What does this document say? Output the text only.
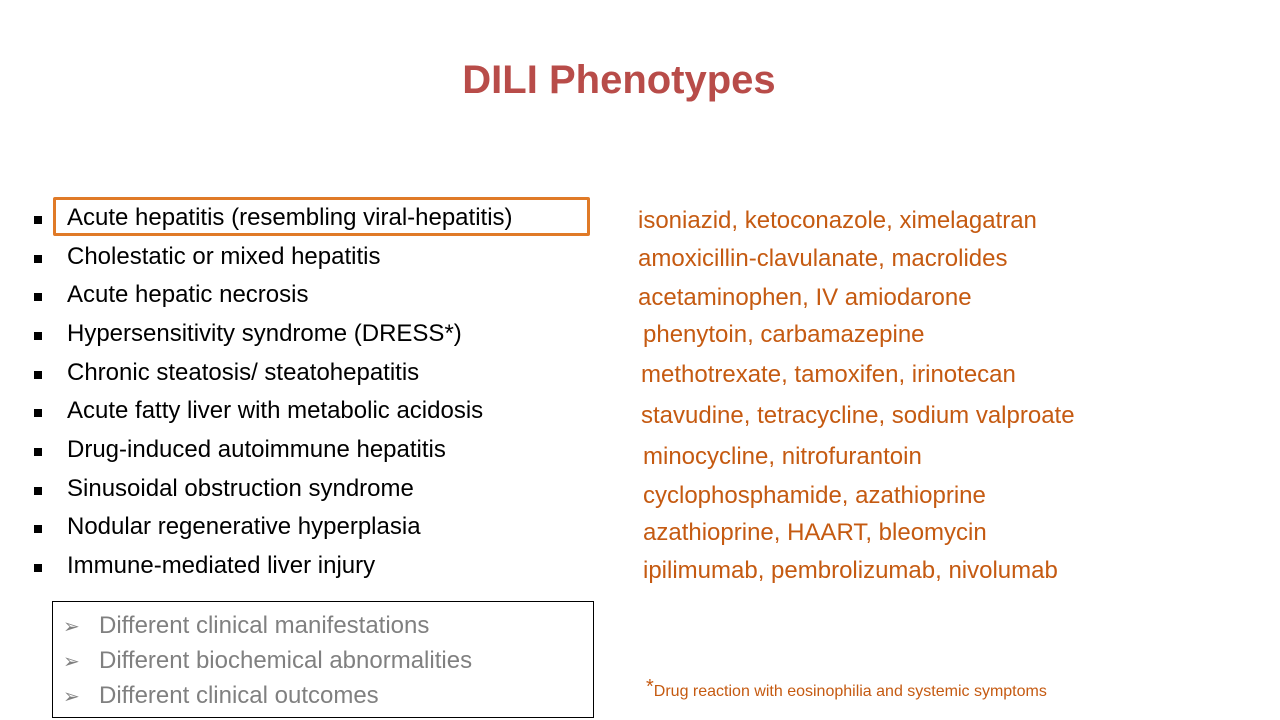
DILI Phenotypes
Acute hepatitis (resembling viral-hepatitis)
Cholestatic or mixed hepatitis
Acute hepatic necrosis
Hypersensitivity syndrome (DRESS*)
Chronic steatosis/ steatohepatitis
Acute fatty liver with metabolic acidosis
Drug-induced autoimmune hepatitis
Sinusoidal obstruction syndrome
Nodular regenerative hyperplasia
Immune-mediated liver injury
isoniazid, ketoconazole, ximelagatran
amoxicillin-clavulanate, macrolides
acetaminophen, IV amiodarone
phenytoin, carbamazepine
methotrexate, tamoxifen, irinotecan
stavudine, tetracycline, sodium valproate
minocycline, nitrofurantoin
cyclophosphamide, azathioprine
azathioprine, HAART, bleomycin
ipilimumab, pembrolizumab, nivolumab
➢ Different clinical manifestations
➢ Different biochemical abnormalities
➢ Different clinical outcomes	*Drug reaction with eosinophilia and systemic symptoms
